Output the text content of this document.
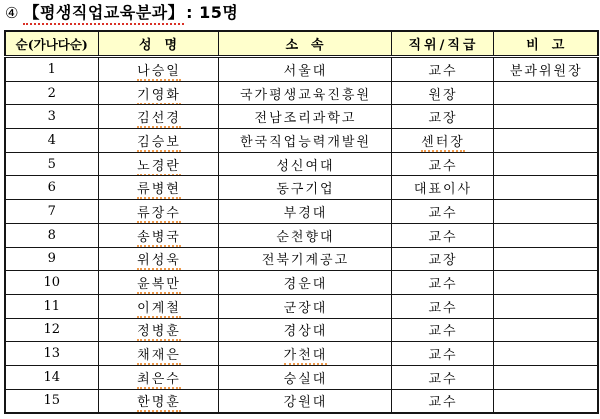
④ 【평생직업교육분과】 : 15명
순(가나다순)	성명	소속	직위/직급	비고
1	나승일	서울대	교수	분과위원장
2	기영화	국가평생교육진흥원	원장	
3	김선경	전남조리과학고	교장	
4	김승보	한국직업능력개발원	센터장	
5	노경란	성신여대	교수	
6	류병현	동구기업	대표이사	
7	류장수	부경대	교수	
8	송병국	순천향대	교수	
9	위성욱	전북기계공고	교장	
10	윤복만	경운대	교수	
11	이계철	군장대	교수	
12	정병훈	경상대	교수	
13	채재은	가천대	교수	
14	최은수	숭실대	교수	
15	한명훈	강원대	교수	
